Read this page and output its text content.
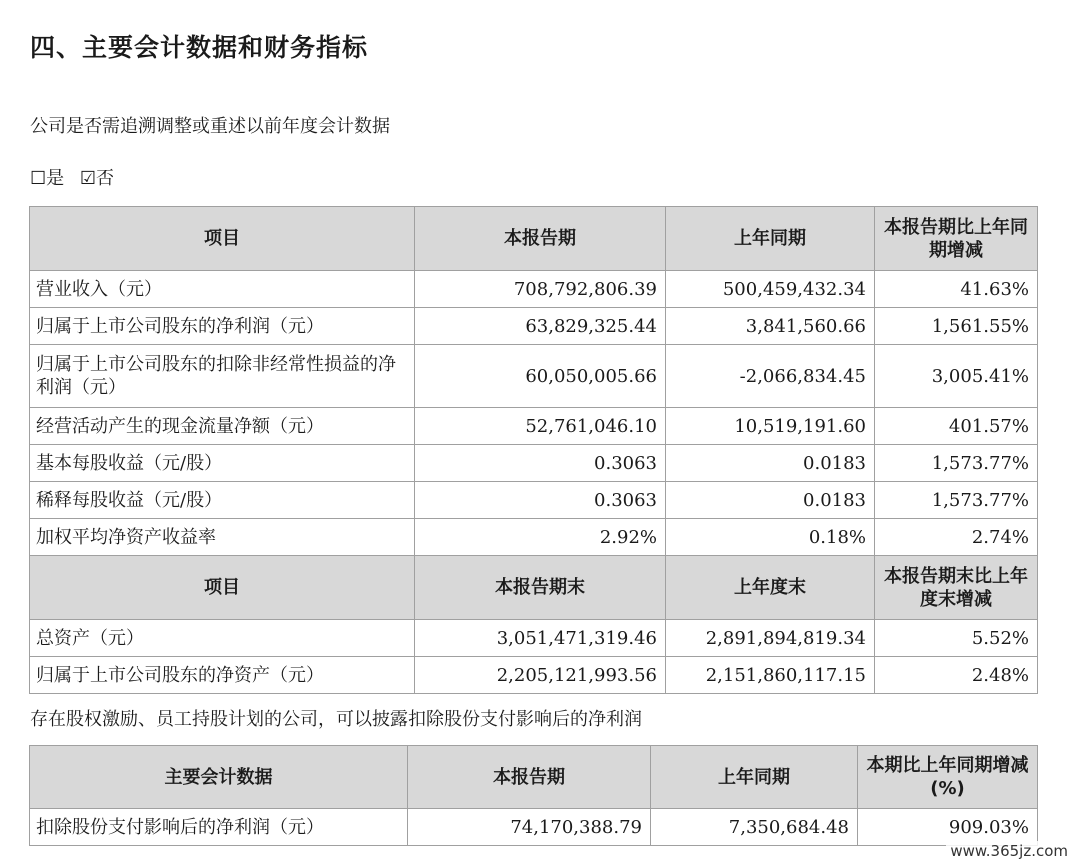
四、主要会计数据和财务指标
公司是否需追溯调整或重述以前年度会计数据
☐是 ☑否
项目	本报告期	上年同期	本报告期比上年同期增减
营业收入（元）	708,792,806.39	500,459,432.34	41.63%
归属于上市公司股东的净利润（元）	63,829,325.44	3,841,560.66	1,561.55%
归属于上市公司股东的扣除非经常性损益的净利润（元）	60,050,005.66	-2,066,834.45	3,005.41%
经营活动产生的现金流量净额（元）	52,761,046.10	10,519,191.60	401.57%
基本每股收益（元/股）	0.3063	0.0183	1,573.77%
稀释每股收益（元/股）	0.3063	0.0183	1,573.77%
加权平均净资产收益率	2.92%	0.18%	2.74%
项目	本报告期末	上年度末	本报告期末比上年度末增减
总资产（元）	3,051,471,319.46	2,891,894,819.34	5.52%
归属于上市公司股东的净资产（元）	2,205,121,993.56	2,151,860,117.15	2.48%
存在股权激励、员工持股计划的公司，可以披露扣除股份支付影响后的净利润
主要会计数据	本报告期	上年同期	本期比上年同期增减(%)
扣除股份支付影响后的净利润（元）	74,170,388.79	7,350,684.48	909.03%
www.365jz.com
